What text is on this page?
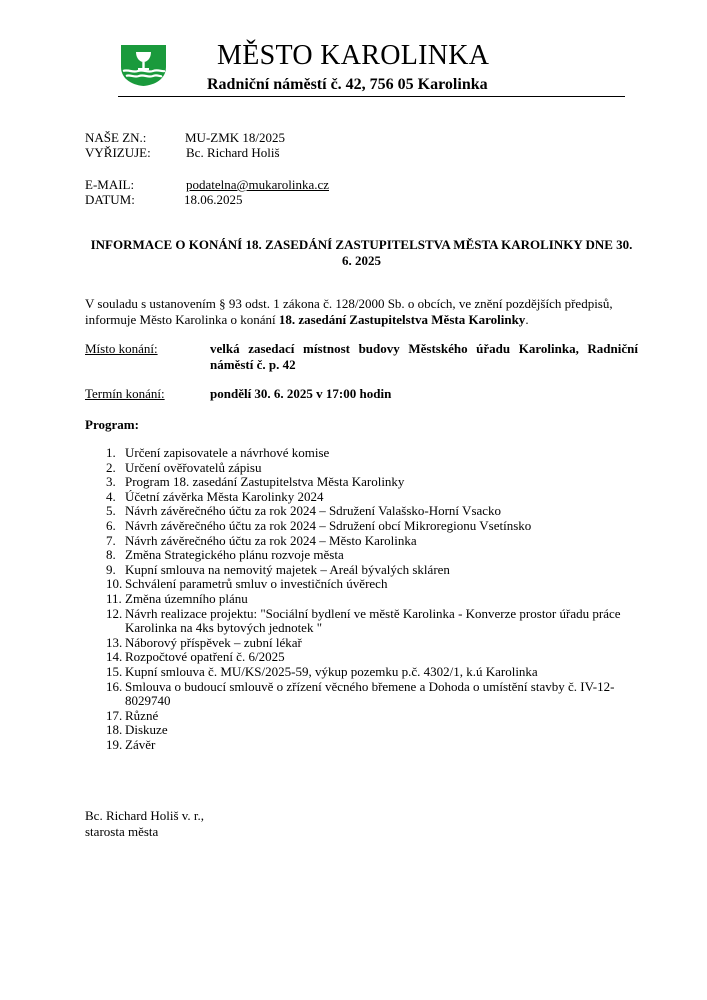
MĚSTO KAROLINKA
Radniční náměstí č. 42, 756 05 Karolinka
NAŠE ZN.:	MU-ZMK 18/2025
VYŘIZUJE:	Bc. Richard Holiš
E-MAIL:	podatelna@mukarolinka.cz
DATUM:	18.06.2025
INFORMACE O KONÁNÍ 18. ZASEDÁNÍ ZASTUPITELSTVA MĚSTA KAROLINKY DNE 30. 6. 2025
V souladu s ustanovením § 93 odst. 1 zákona č. 128/2000 Sb. o obcích, ve znění pozdějších předpisů, informuje Město Karolinka o konání 18. zasedání Zastupitelstva Města Karolinky.
Místo konání:	velká zasedací místnost budovy Městského úřadu Karolinka, Radniční náměstí č. p. 42
Termín konání:	pondělí 30. 6. 2025 v 17:00 hodin
Program:
1. Určení zapisovatele a návrhové komise
2. Určení ověřovatelů zápisu
3. Program 18. zasedání Zastupitelstva Města Karolinky
4. Účetní závěrka Města Karolinky 2024
5. Návrh závěrečného účtu za rok 2024 – Sdružení Valašsko-Horní Vsacko
6. Návrh závěrečného účtu za rok 2024 – Sdružení obcí Mikroregionu Vsetínsko
7. Návrh závěrečného účtu za rok 2024 – Město Karolinka
8. Změna Strategického plánu rozvoje města
9. Kupní smlouva na nemovitý majetek – Areál bývalých skláren
10. Schválení parametrů smluv o investičních úvěrech
11. Změna územního plánu
12. Návrh realizace projektu: "Sociální bydlení ve městě Karolinka - Konverze prostor úřadu práce Karolinka na 4ks bytových jednotek "
13. Náborový příspěvek – zubní lékař
14. Rozpočtové opatření č. 6/2025
15. Kupní smlouva č. MU/KS/2025-59, výkup pozemku p.č. 4302/1, k.ú Karolinka
16. Smlouva o budoucí smlouvě o zřízení věcného břemene a Dohoda o umístění stavby č. IV-12-8029740
17. Různé
18. Diskuze
19. Závěr
Bc. Richard Holiš v. r.,
starosta města
